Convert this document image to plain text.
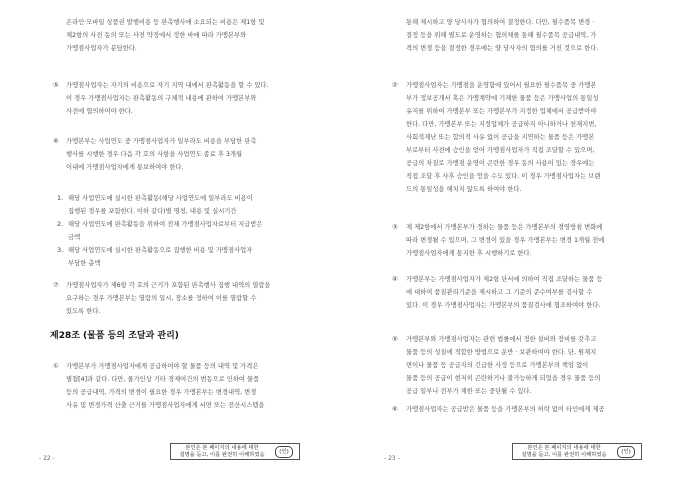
온라인·모바일 상품권 발행비용 등 판촉행사에 소요되는 비용은 제1항 및
제2항의 사전 동의 또는 사전 약정에서 정한 바에 따라 가맹본부와
가맹점사업자가 분담한다.
⑤ 가맹점사업자는 자기의 비용으로 자기 지역 내에서 판촉활동을 할 수 있다.
이 경우 가맹점사업자는 판촉활동의 구체적 내용에 관하여 가맹본부와
사전에 협의하여야 한다.
⑥ 가맹본부는 사업연도 중 가맹점사업자가 일부라도 비용을 부담한 판촉
행사를 시행한 경우 다음 각 호의 사항을 사업연도 종료 후 3개월
이내에 가맹점사업자에게 통보하여야 한다.
1. 해당 사업연도에 실시한 판촉활동(해당 사업연도에 일부라도 비용이
집행된 경우를 포함한다. 이하 같다)별 명칭, 내용 및 실시기간
2. 해당 사업연도에 판촉활동을 위하여 전체 가맹점사업자로부터 지급받은
금액
3. 해당 사업연도에 실시한 판촉활동으로 집행한 비용 및 가맹점사업자
부담한 총액
⑦ 가맹점사업자가 제6항 각 호의 근거가 포함된 판촉행사 집행 내역의 열람을
요구하는 경우 가맹본부는 열람의 일시, 장소를 정하여 이를 열람할 수
있도록 한다.
제28조 (물품 등의 조달과 관리)
① 가맹본부가 가맹점사업자에게 공급하여야 할 물품 등의 내역 및 가격은
별첨[4]과 같다. 다만, 물가인상 기타 경제여건의 변동으로 인하여 물품
등의 공급내역, 가격의 변경이 필요한 경우 가맹본부는 변경내역, 변경
사유 및 변경가격 산출 근거를 가맹점사업자에게 서면 또는 전산시스템을
- 22 -
본인은 본 페이지의 내용에 대한
설명을 듣고, 이를 완전히 이해하였음	(인)
통해 제시하고 양 당사자가 협의하여 결정한다. 다만, 필수품목 변경 ·
결정 등을 위해 별도로 운영하는 협의체를 통해 필수품목 공급내역, 가
격의 변경 등을 결정한 경우에는 양 당사자의 협의를 거친 것으로 한다.
② 가맹점사업자는 가맹점을 운영함에 있어서 필요한 필수품목 중 가맹본
부가 정보공개서 혹은 가맹계약에 기재한 물품 등은 가맹사업의 통일성
유지를 위하여 가맹본부 또는 가맹본부가 지정한 업체에서 공급받아야
한다. 다만, 가맹본부 또는 지정업체가 공급하지 아니하거나 천재지변,
사회적재난 또는 합의적 사유 없이 공급을 지연하는 물품 등은 가맹본
부로부터 사전에 승인을 얻어 가맹점사업자가 직접 조달할 수 있으며,
공급의 차질로 가맹점 운영이 곤란한 경우 동의 사용이 있는 경우에는
직접 조달 후 사후 승인을 얻을 수도 있다. 이 경우 가맹점사업자는 브랜
드의 통일성을 해치지 않도록 하여야 한다.
③ 제 제2항에서 가맹본부가 정하는 물품 등은 가맹본부의 경영방침 변화에
따라 변경될 수 있으며, 그 변경이 있을 경우 가맹본부는 변경 1개월 전에
가맹점사업자에게 통지한 후 시행하기로 한다.
④ 가맹본부는 가맹점사업자가 제2항 단서에 의하여 직접 조달하는 물품 등
에 대하여 품질관리기준을 제시하고 그 기준의 준수여부를 검사할 수
있다. 이 경우 가맹점사업자는 가맹본부의 품질검사에 협조하여야 한다.
⑤ 가맹본부와 가맹점사업자는 관련 법률에서 정한 설비와 장비를 갖추고
물품 등의 성질에 적합한 방법으로 운반 · 보관하여야 한다. 단, 원재지
면이나 물품 등 공급자의 긴급한 사정 등으로 가맹본부의 책임 없이
물품 등의 공급이 현저히 곤란하거나 불가능하게 되었을 경우 물품 등의
공급 일부나 전부가 제한 또는 중단될 수 있다.
⑥ 가맹점사업자는 공급받은 물품 등을 가맹본부의 허락 없이 타인에게 제공
- 23 -
본인은 본 페이지의 내용에 대한
설명을 듣고, 이를 완전히 이해하였음	(인)
